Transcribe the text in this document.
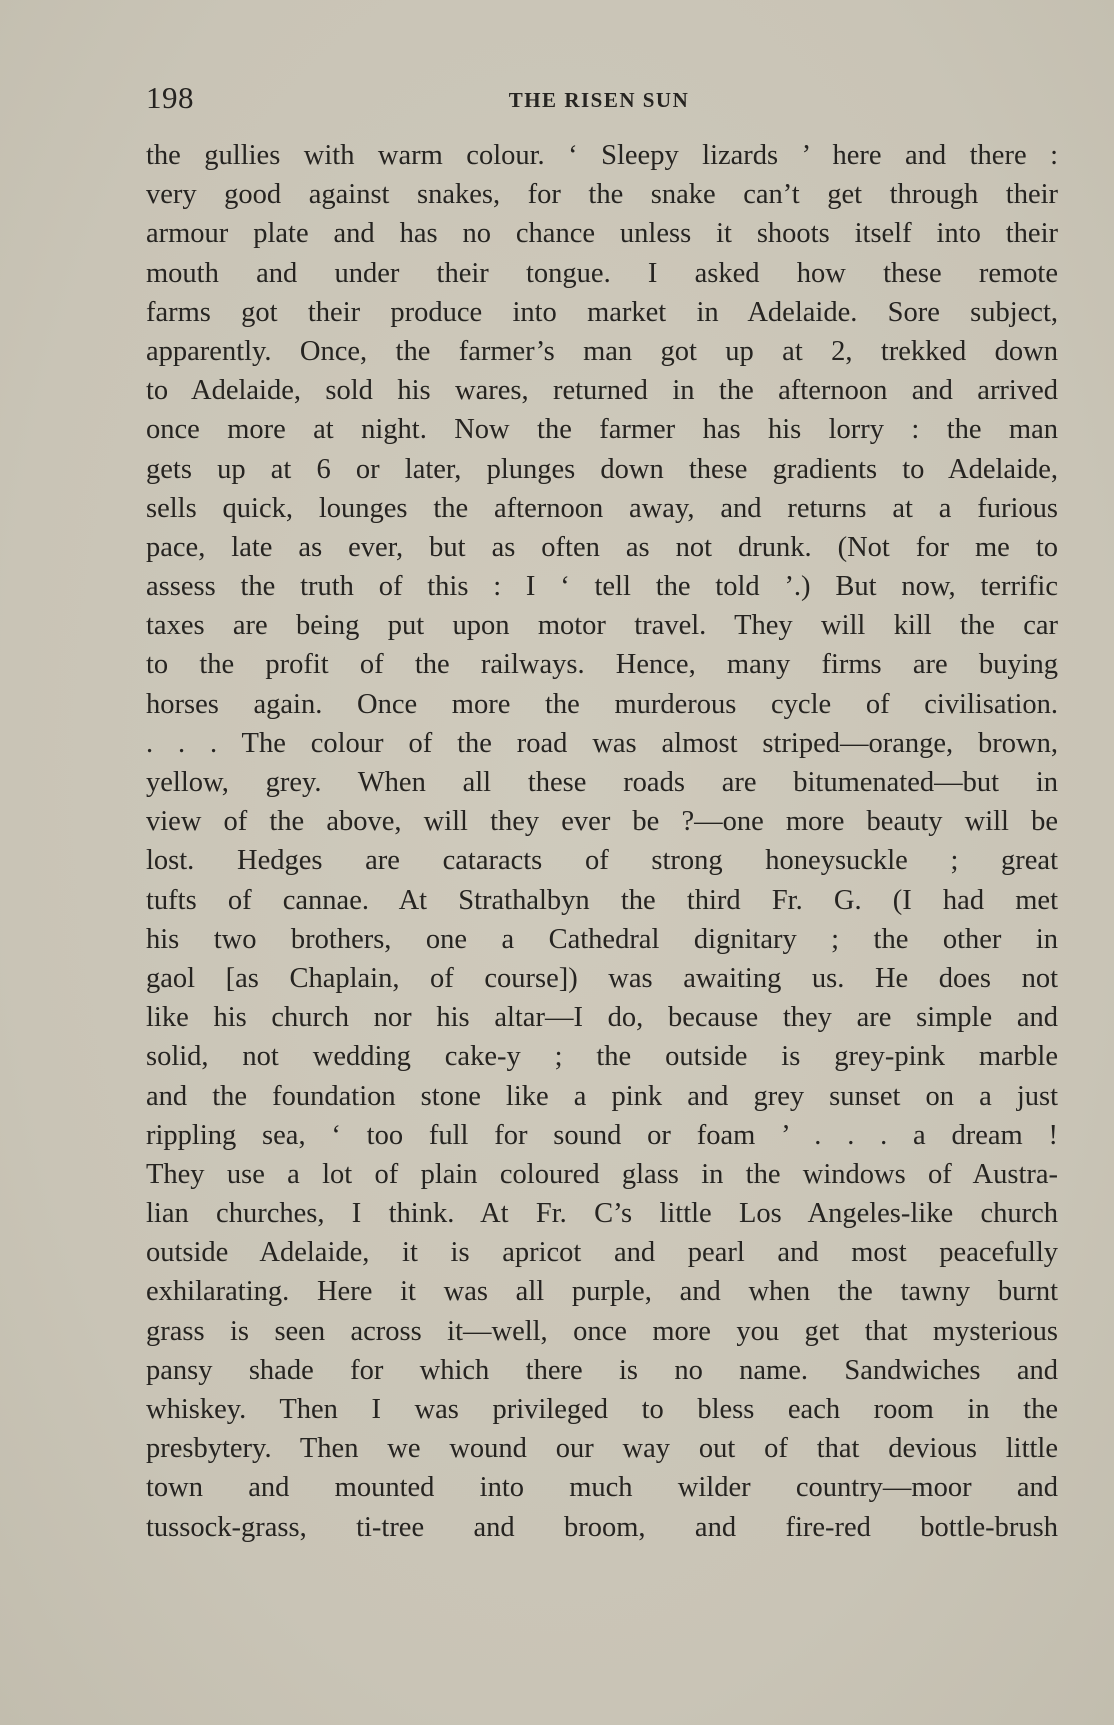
198	THE RISEN SUN
the gullies with warm colour. ‘ Sleepy lizards ’ here and there :
very good against snakes, for the snake can’t get through their
armour plate and has no chance unless it shoots itself into their
mouth and under their tongue. I asked how these remote
farms got their produce into market in Adelaide. Sore subject,
apparently. Once, the farmer’s man got up at 2, trekked down
to Adelaide, sold his wares, returned in the afternoon and arrived
once more at night. Now the farmer has his lorry : the man
gets up at 6 or later, plunges down these gradients to Adelaide,
sells quick, lounges the afternoon away, and returns at a furious
pace, late as ever, but as often as not drunk. (Not for me to
assess the truth of this : I ‘ tell the told ’.) But now, terrific
taxes are being put upon motor travel. They will kill the car
to the profit of the railways. Hence, many firms are buying
horses again. Once more the murderous cycle of civilisation.
. . . The colour of the road was almost striped—orange, brown,
yellow, grey. When all these roads are bitumenated—but in
view of the above, will they ever be ?—one more beauty will be
lost. Hedges are cataracts of strong honeysuckle ; great
tufts of cannae. At Strathalbyn the third Fr. G. (I had met
his two brothers, one a Cathedral dignitary ; the other in
gaol [as Chaplain, of course]) was awaiting us. He does not
like his church nor his altar—I do, because they are simple and
solid, not wedding cake-y ; the outside is grey-pink marble
and the foundation stone like a pink and grey sunset on a just
rippling sea, ‘ too full for sound or foam ’ . . . a dream !
They use a lot of plain coloured glass in the windows of Austra-
lian churches, I think. At Fr. C’s little Los Angeles-like church
outside Adelaide, it is apricot and pearl and most peacefully
exhilarating. Here it was all purple, and when the tawny burnt
grass is seen across it—well, once more you get that mysterious
pansy shade for which there is no name. Sandwiches and
whiskey. Then I was privileged to bless each room in the
presbytery. Then we wound our way out of that devious little
town and mounted into much wilder country—moor and
tussock-grass, ti-tree and broom, and fire-red bottle-brush
